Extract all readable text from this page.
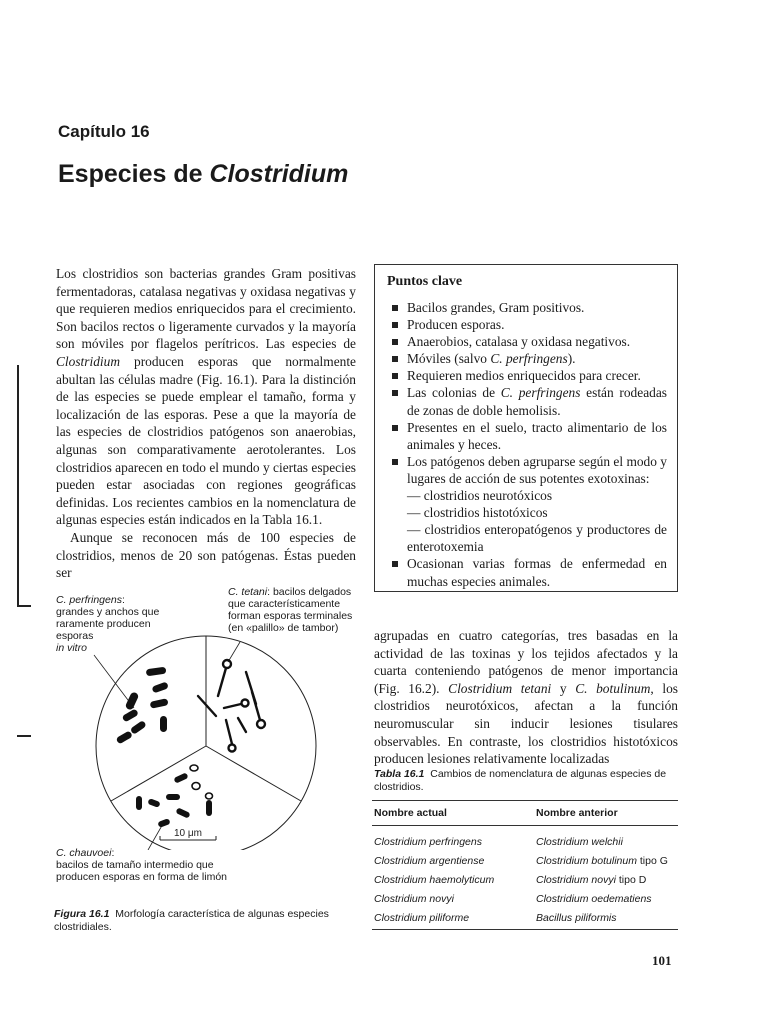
Capítulo 16
Especies de Clostridium

Los clostridios son bacterias grandes Gram positivas fermentadoras, catalasa negativas y oxidasa negativas y que requieren medios enriquecidos para el crecimiento. Son bacilos rectos o ligeramente curvados y la mayoría son móviles por flagelos perítricos. Las especies de Clostridium producen esporas que normalmente abultan las células madre (Fig. 16.1). Para la distinción de las especies se puede emplear el tamaño, forma y localización de las esporas. Pese a que la mayoría de las especies de clostridios patógenos son anaerobias, algunas son comparativamente aerotolerantes. Los clostridios aparecen en todo el mundo y ciertas especies pueden estar asociadas con regiones geográficas definidas. Los recientes cambios en la nomenclatura de algunas especies están indicados en la Tabla 16.1.

Aunque se reconocen más de 100 especies de clostridios, menos de 20 son patógenas. Éstas pueden ser

Puntos clave
Bacilos grandes, Gram positivos.
Producen esporas.
Anaerobios, catalasa y oxidasa negativos.
Móviles (salvo C. perfringens).
Requieren medios enriquecidos para crecer.
Las colonias de C. perfringens están rodeadas de zonas de doble hemolisis.
Presentes en el suelo, tracto alimentario de los animales y heces.
Los patógenos deben agruparse según el modo y lugares de acción de sus potentes exotoxinas:
— clostridios neurotóxicos
— clostridios histotóxicos
— clostridios enteropatógenos y productores de enterotoxemia
Ocasionan varias formas de enfermedad en muchas especies animales.

agrupadas en cuatro categorías, tres basadas en la actividad de las toxinas y los tejidos afectados y la cuarta conteniendo patógenos de menor importancia (Fig. 16.2). Clostridium tetani y C. botulinum, los clostridios neurotóxicos, afectan a la función neuromuscular sin inducir lesiones tisulares observables. En contraste, los clostridios histotóxicos producen lesiones relativamente localizadas

Tabla 16.1 Cambios de nomenclatura de algunas especies de clostridios.
Nombre actual	Nombre anterior
Clostridium perfringens	Clostridium welchii
Clostridium argentiense	Clostridium botulinum tipo G
Clostridium haemolyticum	Clostridium novyi tipo D
Clostridium novyi	Clostridium oedematiens
Clostridium piliforme	Bacillus piliformis
C. perfringens:
grandes y anchos que raramente producen esporas
in vitro
C. tetani: bacilos delgados que característicamente forman esporas terminales (en «palillo» de tambor)
C. chauvoei:
bacilos de tamaño intermedio que producen esporas en forma de limón
10 μm
Figura 16.1 Morfología característica de algunas especies clostridiales.
101
